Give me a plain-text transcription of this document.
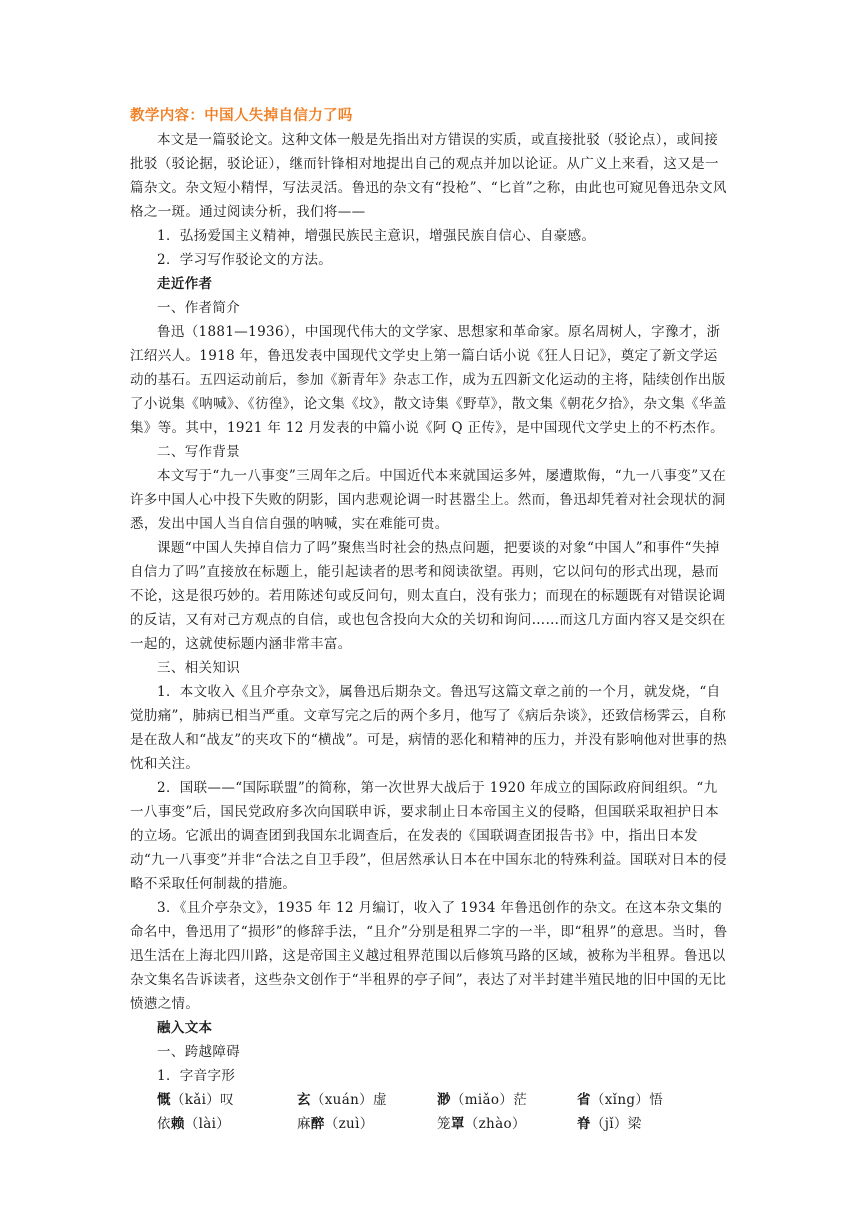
教学内容：中国人失掉自信力了吗

本文是一篇驳论文。这种文体一般是先指出对方错误的实质，或直接批驳（驳论点），或间接批驳（驳论据，驳论证），继而针锋相对地提出自己的观点并加以论证。从广义上来看，这又是一篇杂文。杂文短小精悍，写法灵活。鲁迅的杂文有“投枪”、“匕首”之称，由此也可窥见鲁迅杂文风格之一斑。通过阅读分析，我们将——

1．弘扬爱国主义精神，增强民族民主意识，增强民族自信心、自豪感。

2．学习写作驳论文的方法。

走近作者

一、作者简介

鲁迅（1881—1936），中国现代伟大的文学家、思想家和革命家。原名周树人，字豫才，浙江绍兴人。1918 年，鲁迅发表中国现代文学史上第一篇白话小说《狂人日记》，奠定了新文学运动的基石。五四运动前后，参加《新青年》杂志工作，成为五四新文化运动的主将，陆续创作出版了小说集《呐喊》、《彷徨》，论文集《坟》，散文诗集《野草》，散文集《朝花夕拾》，杂文集《华盖集》等。其中，1921 年 12 月发表的中篇小说《阿 Q 正传》，是中国现代文学史上的不朽杰作。

二、写作背景

本文写于“九一八事变”三周年之后。中国近代本来就国运多舛，屡遭欺侮，“九一八事变”又在许多中国人心中投下失败的阴影，国内悲观论调一时甚嚣尘上。然而，鲁迅却凭着对社会现状的洞悉，发出中国人当自信自强的呐喊，实在难能可贵。

课题“中国人失掉自信力了吗”聚焦当时社会的热点问题，把要谈的对象“中国人”和事件“失掉自信力了吗”直接放在标题上，能引起读者的思考和阅读欲望。再则，它以问句的形式出现，悬而不论，这是很巧妙的。若用陈述句或反问句，则太直白，没有张力；而现在的标题既有对错误论调的反诘，又有对己方观点的自信，或也包含投向大众的关切和询问……而这几方面内容又是交织在一起的，这就使标题内涵非常丰富。

三、相关知识

1．本文收入《且介亭杂文》，属鲁迅后期杂文。鲁迅写这篇文章之前的一个月，就发烧，“自觉肋痛”，肺病已相当严重。文章写完之后的两个多月，他写了《病后杂谈》，还致信杨霁云，自称是在敌人和“战友”的夹攻下的“横战”。可是，病情的恶化和精神的压力，并没有影响他对世事的热忱和关注。

2．国联——“国际联盟”的简称，第一次世界大战后于 1920 年成立的国际政府间组织。“九一八事变”后，国民党政府多次向国联申诉，要求制止日本帝国主义的侵略，但国联采取袒护日本的立场。它派出的调查团到我国东北调查后，在发表的《国联调查团报告书》中，指出日本发动“九一八事变”并非“合法之自卫手段”，但居然承认日本在中国东北的特殊利益。国联对日本的侵略不采取任何制裁的措施。

3．《且介亭杂文》，1935 年 12 月编订，收入了 1934 年鲁迅创作的杂文。在这本杂文集的命名中，鲁迅用了“损形”的修辞手法，“且介”分别是租界二字的一半，即“租界”的意思。当时，鲁迅生活在上海北四川路，这是帝国主义越过租界范围以后修筑马路的区域，被称为半租界。鲁迅以杂文集名告诉读者，这些杂文创作于“半租界的亭子间”，表达了对半封建半殖民地的旧中国的无比愤懑之情。

融入文本

一、跨越障碍

1．字音字形

慨（kǎi）叹	玄（xuán）虚	渺（miǎo）茫	省（xǐng）悟
依赖（lài）	麻醉（zuì）	笼罩（zhào）	脊（jǐ）梁
